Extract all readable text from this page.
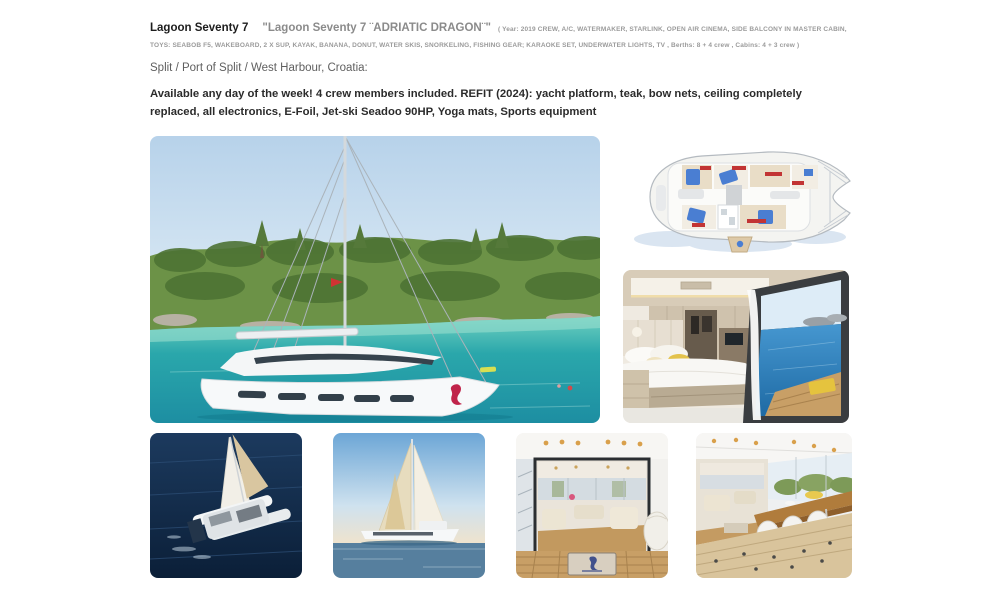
Lagoon Seventy 7 "Lagoon Seventy 7 ¨ADRIATIC DRAGON¨" ( Year: 2019 CREW, A/C, WATERMAKER, STARLINK, OPEN AIR CINEMA, SIDE BALCONY IN MASTER CABIN, TOYS: SEABOB F5, WAKEBOARD, 2 X SUP, KAYAK, BANANA, DONUT, WATER SKIS, SNORKELING, FISHING GEAR; KARAOKE SET, UNDERWATER LIGHTS, TV , Berths: 8 + 4 crew , Cabins: 4 + 3 crew )

Split / Port of Split / West Harbour, Croatia:

Available any day of the week! 4 crew members included. REFIT (2024): yacht platform, teak, bow nets, ceiling completely replaced, all electronics, E-Foil, Jet-ski Seadoo 90HP, Yoga mats, Sports equipment
